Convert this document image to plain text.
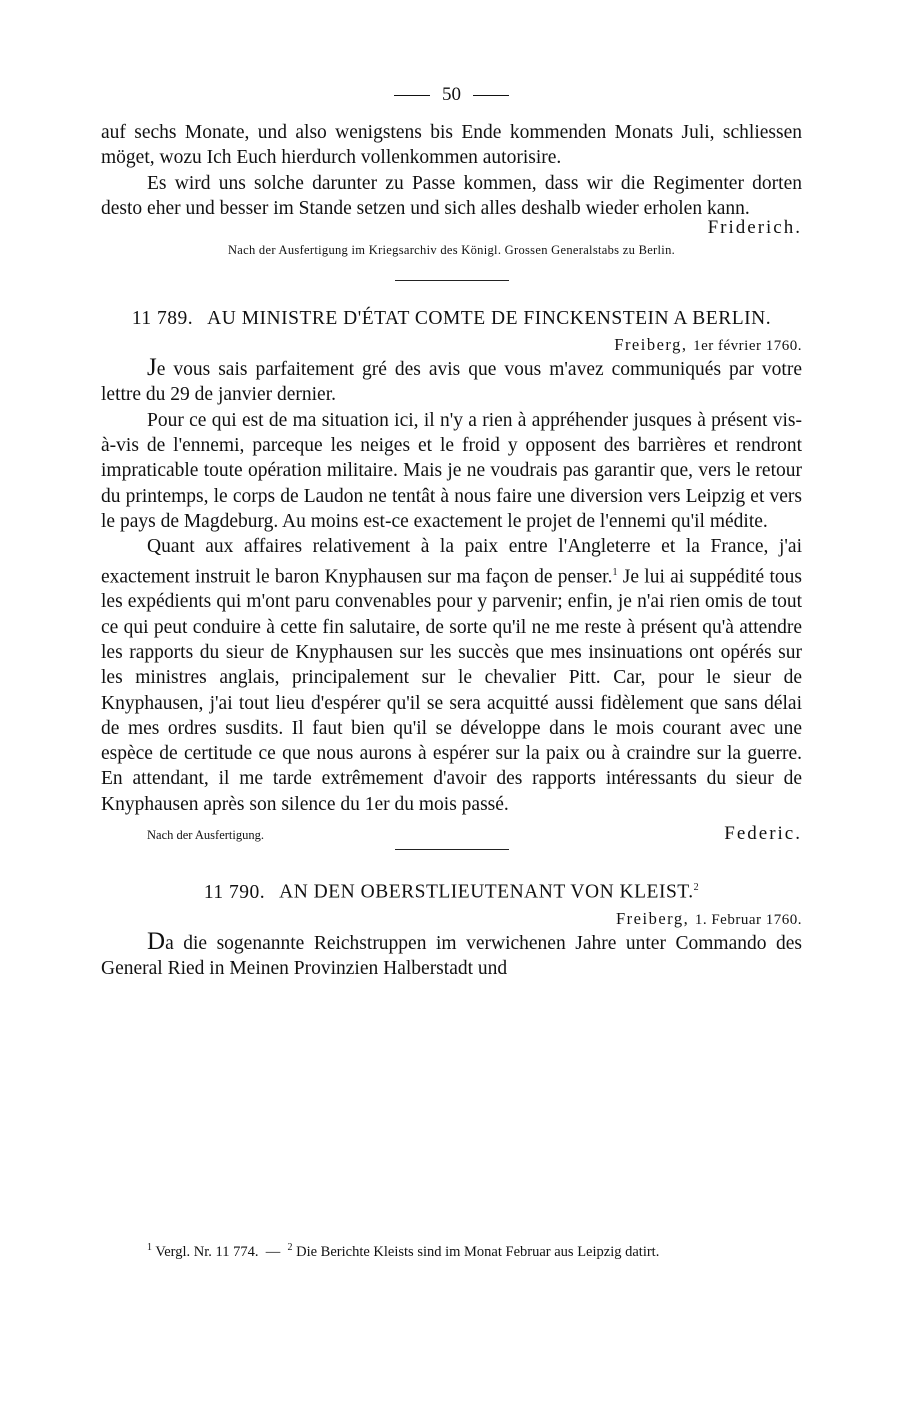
50

auf sechs Monate, und also wenigstens bis Ende kommenden Monats Juli, schliessen möget, wozu Ich Euch hierdurch vollenkommen autorisire.

Es wird uns solche darunter zu Passe kommen, dass wir die Regimenter dorten desto eher und besser im Stande setzen und sich alles deshalb wieder erholen kann.

Friderich.
Nach der Ausfertigung im Kriegsarchiv des Königl. Grossen Generalstabs zu Berlin.
11 789. AU MINISTRE D'ÉTAT COMTE DE FINCKENSTEIN A BERLIN.
Freiberg, 1er février 1760.

Je vous sais parfaitement gré des avis que vous m'avez communiqués par votre lettre du 29 de janvier dernier.

Pour ce qui est de ma situation ici, il n'y a rien à appréhender jusques à présent vis-à-vis de l'ennemi, parceque les neiges et le froid y opposent des barrières et rendront impraticable toute opération militaire. Mais je ne voudrais pas garantir que, vers le retour du printemps, le corps de Laudon ne tentât à nous faire une diversion vers Leipzig et vers le pays de Magdeburg. Au moins est-ce exactement le projet de l'ennemi qu'il médite.

Quant aux affaires relativement à la paix entre l'Angleterre et la France, j'ai exactement instruit le baron Knyphausen sur ma façon de penser.$^1$ Je lui ai suppédité tous les expédients qui m'ont paru convenables pour y parvenir; enfin, je n'ai rien omis de tout ce qui peut conduire à cette fin salutaire, de sorte qu'il ne me reste à présent qu'à attendre les rapports du sieur de Knyphausen sur les succès que mes insinuations ont opérés sur les ministres anglais, principalement sur le chevalier Pitt. Car, pour le sieur de Knyphausen, j'ai tout lieu d'espérer qu'il se sera acquitté aussi fidèlement que sans délai de mes ordres susdits. Il faut bien qu'il se développe dans le mois courant avec une espèce de certitude ce que nous aurons à espérer sur la paix ou à craindre sur la guerre. En attendant, il me tarde extrêmement d'avoir des rapports intéressants du sieur de Knyphausen après son silence du 1er du mois passé.

Nach der Ausfertigung.	Federic.
11 790. AN DEN OBERSTLIEUTENANT VON KLEIST.$^2$
Freiberg, 1. Februar 1760.

Da die sogenannte Reichstruppen im verwichenen Jahre unter Commando des General Ried in Meinen Provinzien Halberstadt und

$^1$ Vergl. Nr. 11 774. — $^2$ Die Berichte Kleists sind im Monat Februar aus Leipzig datirt.
